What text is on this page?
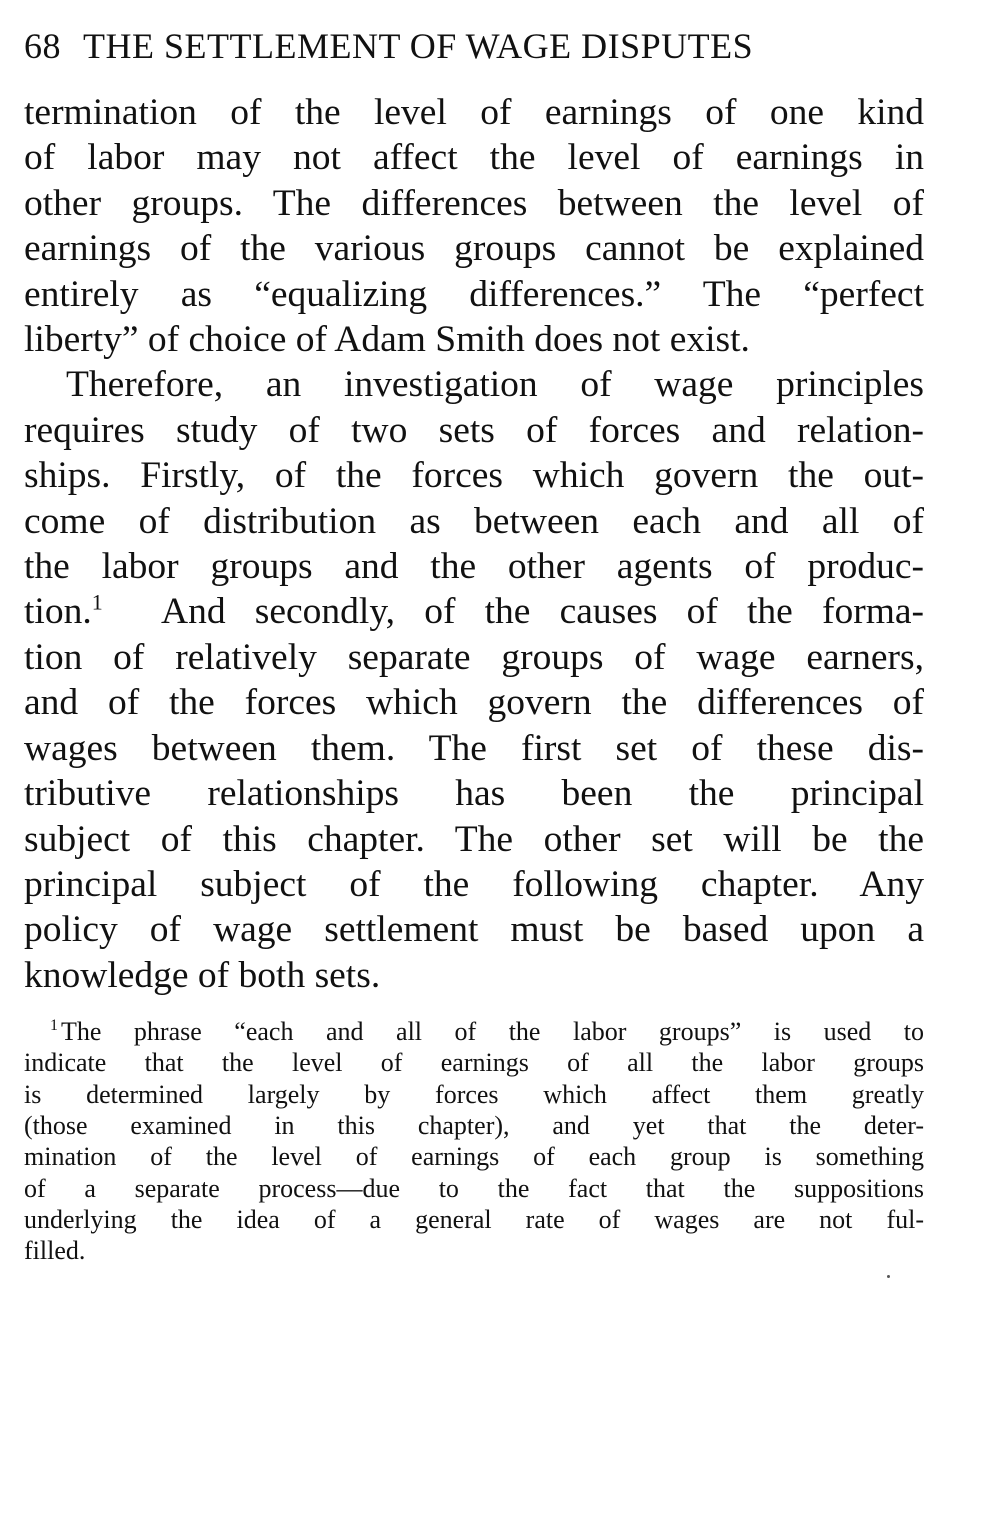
68 THE SETTLEMENT OF WAGE DISPUTES
termination of the level of earnings of one kind
of labor may not affect the level of earnings in
other groups. The differences between the level of
earnings of the various groups cannot be explained
entirely as “equalizing differences.” The “perfect
liberty” of choice of Adam Smith does not exist.
Therefore, an investigation of wage principles
requires study of two sets of forces and relation-
ships. Firstly, of the forces which govern the out-
come of distribution as between each and all of
the labor groups and the other agents of produc-
tion.$^1$ And secondly, of the causes of the forma-
tion of relatively separate groups of wage earners,
and of the forces which govern the differences of
wages between them. The first set of these dis-
tributive relationships has been the principal
subject of this chapter. The other set will be the
principal subject of the following chapter. Any
policy of wage settlement must be based upon a
knowledge of both sets.
$^1$ The phrase “each and all of the labor groups” is used to
indicate that the level of earnings of all the labor groups
is determined largely by forces which affect them greatly
(those examined in this chapter), and yet that the deter-
mination of the level of earnings of each group is something
of a separate process—due to the fact that the suppositions
underlying the idea of a general rate of wages are not ful-
filled.
